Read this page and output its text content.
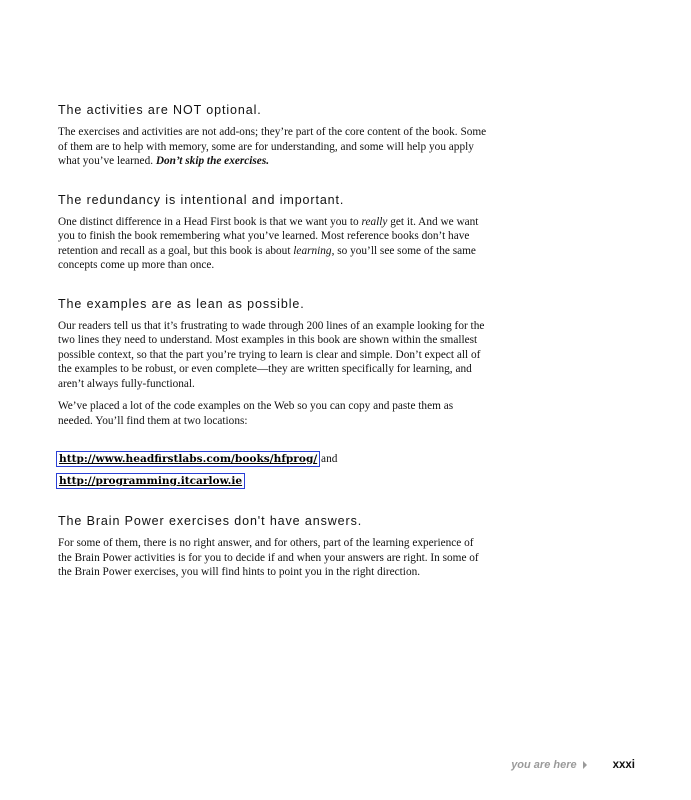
The activities are NOT optional.

The exercises and activities are not add-ons; they’re part of the core content of the book. Some of them are to help with memory, some are for understanding, and some will help you apply what you’ve learned. Don’t skip the exercises.

The redundancy is intentional and important.

One distinct difference in a Head First book is that we want you to really get it. And we want you to finish the book remembering what you’ve learned. Most reference books don’t have retention and recall as a goal, but this book is about learning, so you’ll see some of the same concepts come up more than once.

The examples are as lean as possible.

Our readers tell us that it’s frustrating to wade through 200 lines of an example looking for the two lines they need to understand. Most examples in this book are shown within the smallest possible context, so that the part you’re trying to learn is clear and simple. Don’t expect all of the examples to be robust, or even complete—they are written specifically for learning, and aren’t always fully-functional.

We’ve placed a lot of the code examples on the Web so you can copy and paste them as needed. You’ll find them at two locations:

http://www.headfirstlabs.com/books/hfprog/ and
http://programming.itcarlow.ie
The Brain Power exercises don't have answers.

For some of them, there is no right answer, and for others, part of the learning experience of the Brain Power activities is for you to decide if and when your answers are right. In some of the Brain Power exercises, you will find hints to point you in the right direction.

you are here	xxxi
